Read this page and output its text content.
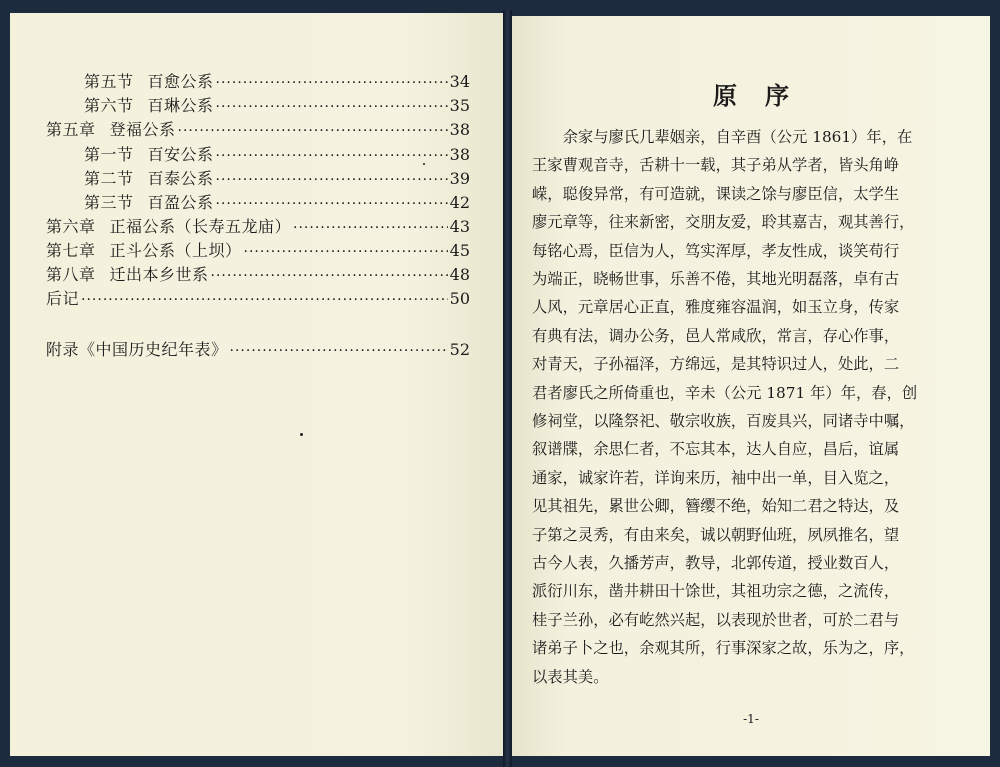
第五节 百愈公系 ·····	34
第六节 百琳公系 ·····	35
第五章 登福公系 ·····	38
第一节 百安公系 ·····	38
第二节 百泰公系 ·····	39
第三节 百盈公系 ·····	42
第六章 正福公系（长寿五龙庙） ·····	43
第七章 正斗公系（上坝） ·····	45
第八章 迁出本乡世系 ·····	48
后记 ·····	50
附录《中国历史纪年表》 ·····	52
原序
　　余家与廖氏几辈姻亲，自辛酉（公元 1861）年，在
王家曹观音寺，舌耕十一载，其子弟从学者，皆头角峥
嵘，聪俊异常，有可造就，课读之馀与廖臣信，太学生
廖元章等，往来新密，交朋友爱，聆其嘉吉，观其善行，
每铭心焉，臣信为人，笃实浑厚，孝友性成，谈笑苟行
为端正，晓畅世事，乐善不倦，其地光明磊落，卓有古
人风，元章居心正直，雅度雍容温润，如玉立身，传家
有典有法，调办公务，邑人常咸欣，常言，存心作事，
对青天，子孙福泽，方绵远，是其特识过人，处此，二
君者廖氏之所倚重也，辛未（公元 1871 年）年，春，创
修祠堂，以隆祭祀、敬宗收族，百废具兴，同诸寺中嘱，
叙谱牒，余思仁者，不忘其本，达人自应，昌后，谊属
通家，诚家许若，详询来历，袖中出一单，目入览之，
见其祖先，累世公卿，簪缨不绝，始知二君之特达，及
子第之灵秀，有由来矣，诚以朝野仙班，夙夙推名，望
古今人表，久播芳声，教导，北郭传道，授业数百人，
派衍川东，凿井耕田十馀世，其祖功宗之德，之流传，
桂子兰孙，必有屹然兴起，以表现於世者，可於二君与
诸弟子卜之也，余观其所，行事深家之故，乐为之，序，
以表其美。
-1-
